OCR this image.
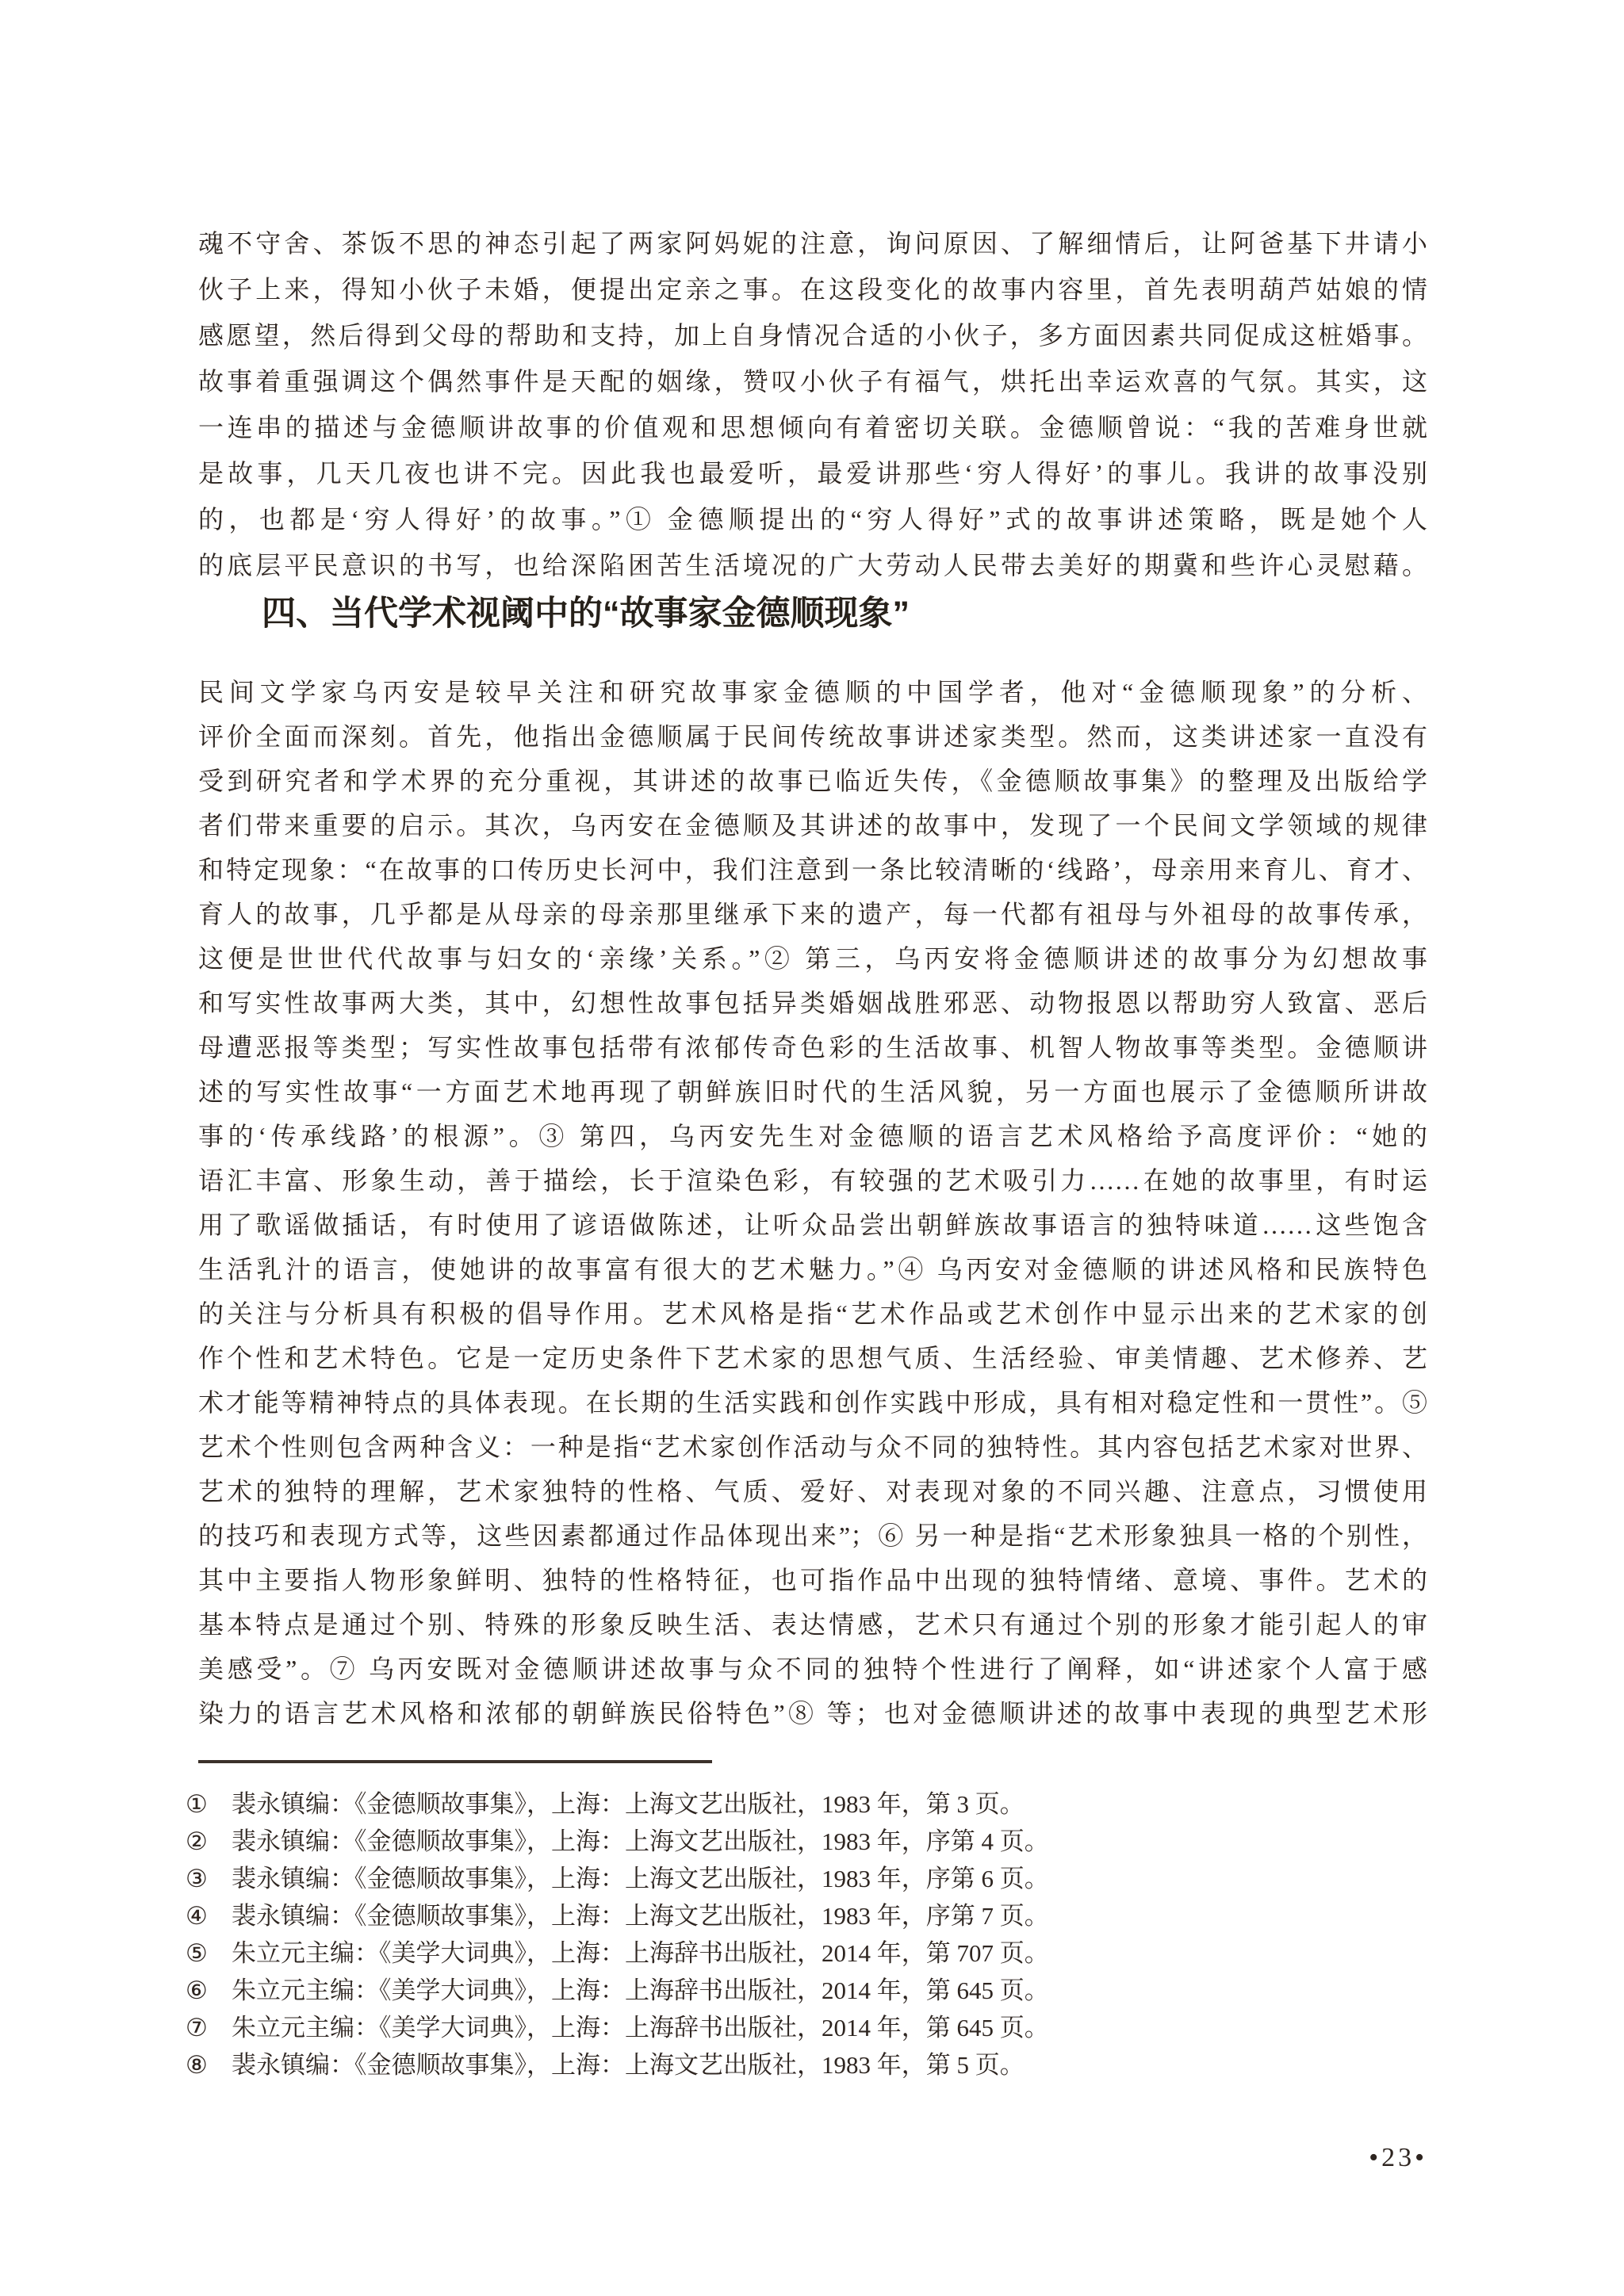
魂不守舍、茶饭不思的神态引起了两家阿妈妮的注意，询问原因、了解细情后，让阿爸基下井请小
伙子上来，得知小伙子未婚，便提出定亲之事。在这段变化的故事内容里，首先表明葫芦姑娘的情
感愿望，然后得到父母的帮助和支持，加上自身情况合适的小伙子，多方面因素共同促成这桩婚事。
故事着重强调这个偶然事件是天配的姻缘，赞叹小伙子有福气，烘托出幸运欢喜的气氛。其实，这
一连串的描述与金德顺讲故事的价值观和思想倾向有着密切关联。金德顺曾说：“我的苦难身世就
是故事，几天几夜也讲不完。因此我也最爱听，最爱讲那些‘穷人得好’的事儿。我讲的故事没别
的，也都是‘穷人得好’的故事。”① 金德顺提出的“穷人得好”式的故事讲述策略，既是她个人
的底层平民意识的书写，也给深陷困苦生活境况的广大劳动人民带去美好的期冀和些许心灵慰藉。
四、当代学术视阈中的“故事家金德顺现象”
民间文学家乌丙安是较早关注和研究故事家金德顺的中国学者，他对“金德顺现象”的分析、
评价全面而深刻。首先，他指出金德顺属于民间传统故事讲述家类型。然而，这类讲述家一直没有
受到研究者和学术界的充分重视，其讲述的故事已临近失传，《金德顺故事集》的整理及出版给学
者们带来重要的启示。其次，乌丙安在金德顺及其讲述的故事中，发现了一个民间文学领域的规律
和特定现象：“在故事的口传历史长河中，我们注意到一条比较清晰的‘线路’，母亲用来育儿、育才、
育人的故事，几乎都是从母亲的母亲那里继承下来的遗产，每一代都有祖母与外祖母的故事传承，
这便是世世代代故事与妇女的‘亲缘’关系。”② 第三，乌丙安将金德顺讲述的故事分为幻想故事
和写实性故事两大类，其中，幻想性故事包括异类婚姻战胜邪恶、动物报恩以帮助穷人致富、恶后
母遭恶报等类型；写实性故事包括带有浓郁传奇色彩的生活故事、机智人物故事等类型。金德顺讲
述的写实性故事“一方面艺术地再现了朝鲜族旧时代的生活风貌，另一方面也展示了金德顺所讲故
事的‘传承线路’的根源”。③ 第四，乌丙安先生对金德顺的语言艺术风格给予高度评价：“她的
语汇丰富、形象生动，善于描绘，长于渲染色彩，有较强的艺术吸引力……在她的故事里，有时运
用了歌谣做插话，有时使用了谚语做陈述，让听众品尝出朝鲜族故事语言的独特味道……这些饱含
生活乳汁的语言，使她讲的故事富有很大的艺术魅力。”④ 乌丙安对金德顺的讲述风格和民族特色
的关注与分析具有积极的倡导作用。艺术风格是指“艺术作品或艺术创作中显示出来的艺术家的创
作个性和艺术特色。它是一定历史条件下艺术家的思想气质、生活经验、审美情趣、艺术修养、艺
术才能等精神特点的具体表现。在长期的生活实践和创作实践中形成，具有相对稳定性和一贯性”。⑤
艺术个性则包含两种含义：一种是指“艺术家创作活动与众不同的独特性。其内容包括艺术家对世界、
艺术的独特的理解，艺术家独特的性格、气质、爱好、对表现对象的不同兴趣、注意点，习惯使用
的技巧和表现方式等，这些因素都通过作品体现出来”；⑥ 另一种是指“艺术形象独具一格的个别性，
其中主要指人物形象鲜明、独特的性格特征，也可指作品中出现的独特情绪、意境、事件。艺术的
基本特点是通过个别、特殊的形象反映生活、表达情感，艺术只有通过个别的形象才能引起人的审
美感受”。⑦ 乌丙安既对金德顺讲述故事与众不同的独特个性进行了阐释，如“讲述家个人富于感
染力的语言艺术风格和浓郁的朝鲜族民俗特色”⑧ 等；也对金德顺讲述的故事中表现的典型艺术形
① 裴永镇编：《金德顺故事集》，上海：上海文艺出版社，1983 年，第 3 页。
② 裴永镇编：《金德顺故事集》，上海：上海文艺出版社，1983 年，序第 4 页。
③ 裴永镇编：《金德顺故事集》，上海：上海文艺出版社，1983 年，序第 6 页。
④ 裴永镇编：《金德顺故事集》，上海：上海文艺出版社，1983 年，序第 7 页。
⑤ 朱立元主编：《美学大词典》，上海：上海辞书出版社，2014 年，第 707 页。
⑥ 朱立元主编：《美学大词典》，上海：上海辞书出版社，2014 年，第 645 页。
⑦ 朱立元主编：《美学大词典》，上海：上海辞书出版社，2014 年，第 645 页。
⑧ 裴永镇编：《金德顺故事集》，上海：上海文艺出版社，1983 年，第 5 页。
•23•
